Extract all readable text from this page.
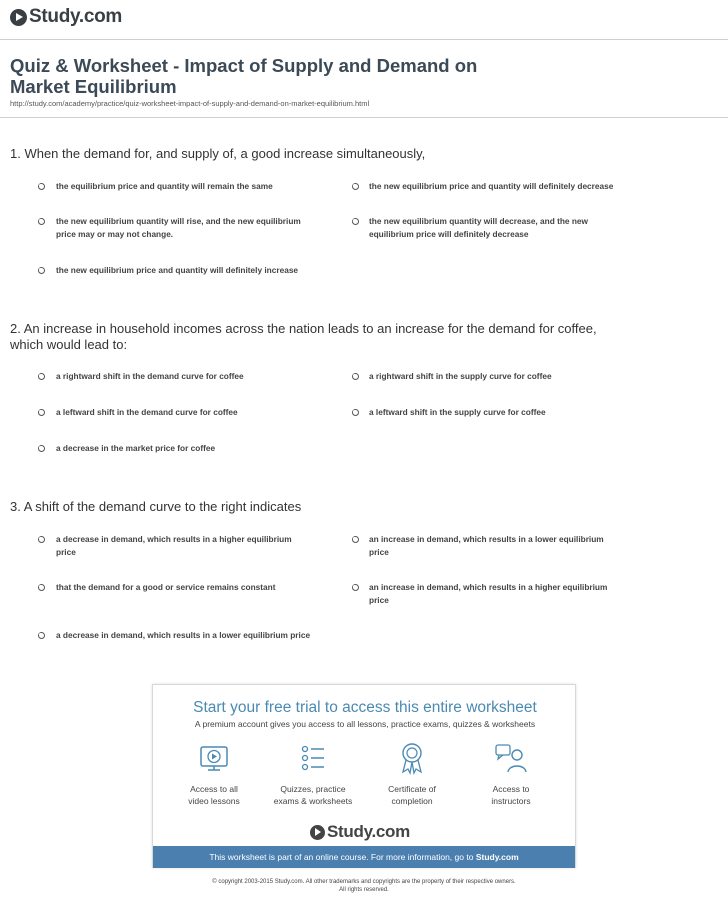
Study.com
Quiz & Worksheet - Impact of Supply and Demand on
Market Equilibrium
http://study.com/academy/practice/quiz-worksheet-impact-of-supply-and-demand-on-market-equilibrium.html
1. When the demand for, and supply of, a good increase simultaneously,
the equilibrium price and quantity will remain the same	the new equilibrium price and quantity will definitely decrease
the new equilibrium quantity will rise, and the new equilibrium
price may or may not change.
the new equilibrium quantity will decrease, and the new
equilibrium price will definitely decrease
the new equilibrium price and quantity will definitely increase
2. An increase in household incomes across the nation leads to an increase for the demand for coffee,
which would lead to:
a rightward shift in the demand curve for coffee	a rightward shift in the supply curve for coffee
a leftward shift in the demand curve for coffee	a leftward shift in the supply curve for coffee
a decrease in the market price for coffee
3. A shift of the demand curve to the right indicates
a decrease in demand, which results in a higher equilibrium
price
an increase in demand, which results in a lower equilibrium
price
that the demand for a good or service remains constant	an increase in demand, which results in a higher equilibrium
price
a decrease in demand, which results in a lower equilibrium price
Start your free trial to access this entire worksheet
A premium account gives you access to all lessons, practice exams, quizzes & worksheets
Access to all
video lessons
Quizzes, practice
exams & worksheets
Certificate of
completion
Access to
instructors
Study.com
This worksheet is part of an online course. For more information, go to Study.com
© copyright 2003-2015 Study.com. All other trademarks and copyrights are the property of their respective owners.
All rights reserved.
